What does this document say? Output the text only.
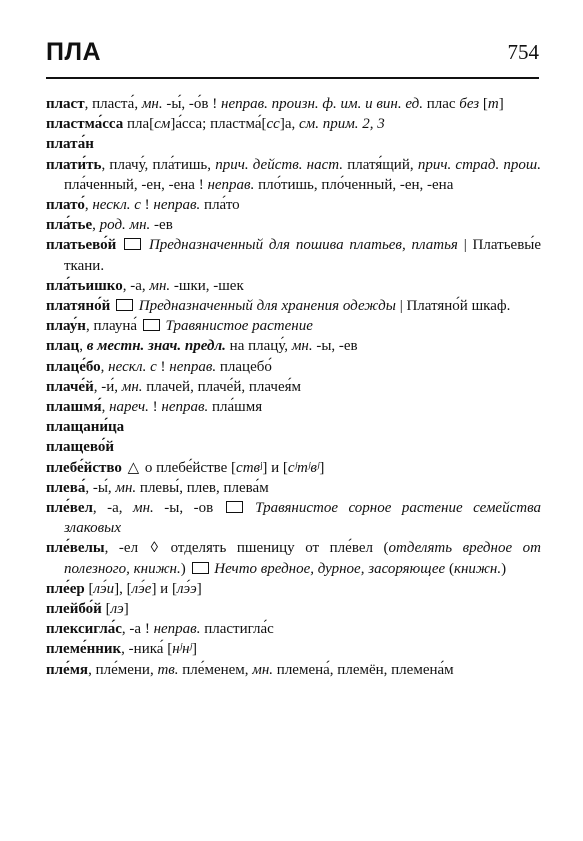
ПЛА	754
пласт, пласта́, мн. -ы́, -о́в ! неправ. произн. ф. им. и вин. ед. плас без [т]
пластма́сса пла[см]а́сса; пластма́[сс]а, см. прим. 2, 3
плата́н
плати́ть, плачу́, пла́тишь, прич. действ. наст. платя́щий, прич. страд. прош. пла́ченный, -ен, -ена ! неправ. пло́тишь, пло́ченный, -ен, -ена
плато́, нескл. с ! неправ. пла́то
пла́тье, род. мн. -ев
платьево́й Предназначенный для пошива платьев, платья | Платьевы́е ткани.
пла́тьишко, -а, мн. -шки, -шек
платяно́й Предназначенный для хранения одежды | Платяно́й шкаф.
плау́н, плауна́  Травянистое растение
плац, в местн. знач. предл. на плацу́, мн. -ы, -ев
плаце́бо, нескл. с ! неправ. плацебо́
плаче́й, -и́, мн. плачей, плаче́й, плачея́м
плашмя́, нареч. ! неправ. пла́шмя
плащани́ца
плащево́й
плебе́йство △ о плебе́йстве [ствʲ] и [cʲтʲвʲ]
плева́, -ы́, мн. плевы́, плев, плева́м
пле́вел, -а, мн. -ы, -ов  Травянистое сорное растение семейства злаковых
пле́велы, -ел ◊ отделять пшеницу от пле́вел (отделять вредное от полезного, книжн.)  Нечто вредное, дурное, засоряющее (книжн.)
пле́ер [лэ́и], [лэ́е] и [лэ́э]
плейбо́й [лэ]
плексигла́с, -а ! неправ. пластигла́с
племе́нник, -ника́ [нʲнʲ]
пле́мя, пле́мени, тв. пле́менем, мн. племена́, племён, племена́м
